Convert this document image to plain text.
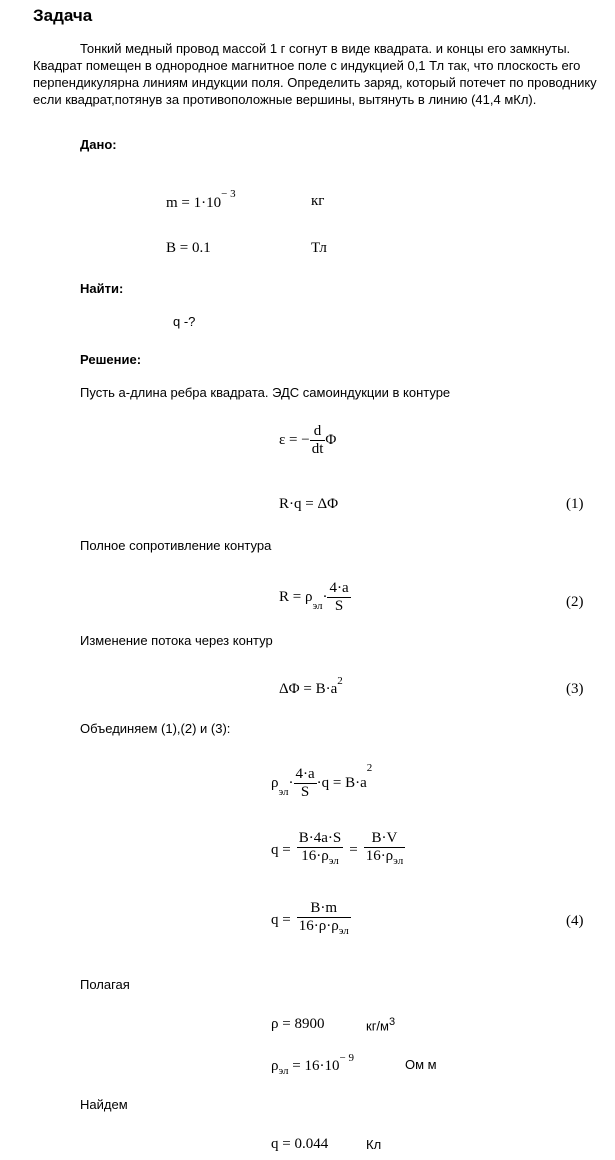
Задача
Тонкий медный провод массой 1 г согнут в виде квадрата. и концы его замкнуты. Квадрат помещен в однородное магнитное поле с индукцией 0,1 Тл так, что плоскость его перпендикулярна линиям индукции поля. Определить заряд, который потечет по проводнику если квадрат,потянув за противоположные вершины, вытянуть в линию (41,4 мКл).
Дано:
$m = 1\cdot 10^{- 3}$	кг
B = 0.1	Тл
Найти:
q -?
Решение:
Пусть а-длина ребра квадрата. ЭДС самоиндукции в контуре
ε = − $\frac{d}{dt}$ Φ
R·q = ΔΦ	(1)
Полное сопротивление контура
$R = \rho_{эл}\cdot \frac{4\cdot a}{S}$	(2)
Изменение потока через контур
$\Delta\Phi = B\cdot a^2$	(3)
Объединяем (1),(2) и (3):
$\rho_{эл}\cdot \frac{4\cdot a}{S} \cdot q = B\cdot a^2$
$q = \frac{B\cdot 4a\cdot S}{16\cdot\rho_{эл}} = \frac{B\cdot V}{16\cdot\rho_{эл}}$
$q = \frac{B\cdot m}{16\cdot\rho\cdot\rho_{эл}}$	(4)
Полагая
ρ = 8900	$кг/м^3$
$\rho_{эл} = 16\cdot 10^{- 9}$	Ом м
Найдем
q = 0.044	Кл
